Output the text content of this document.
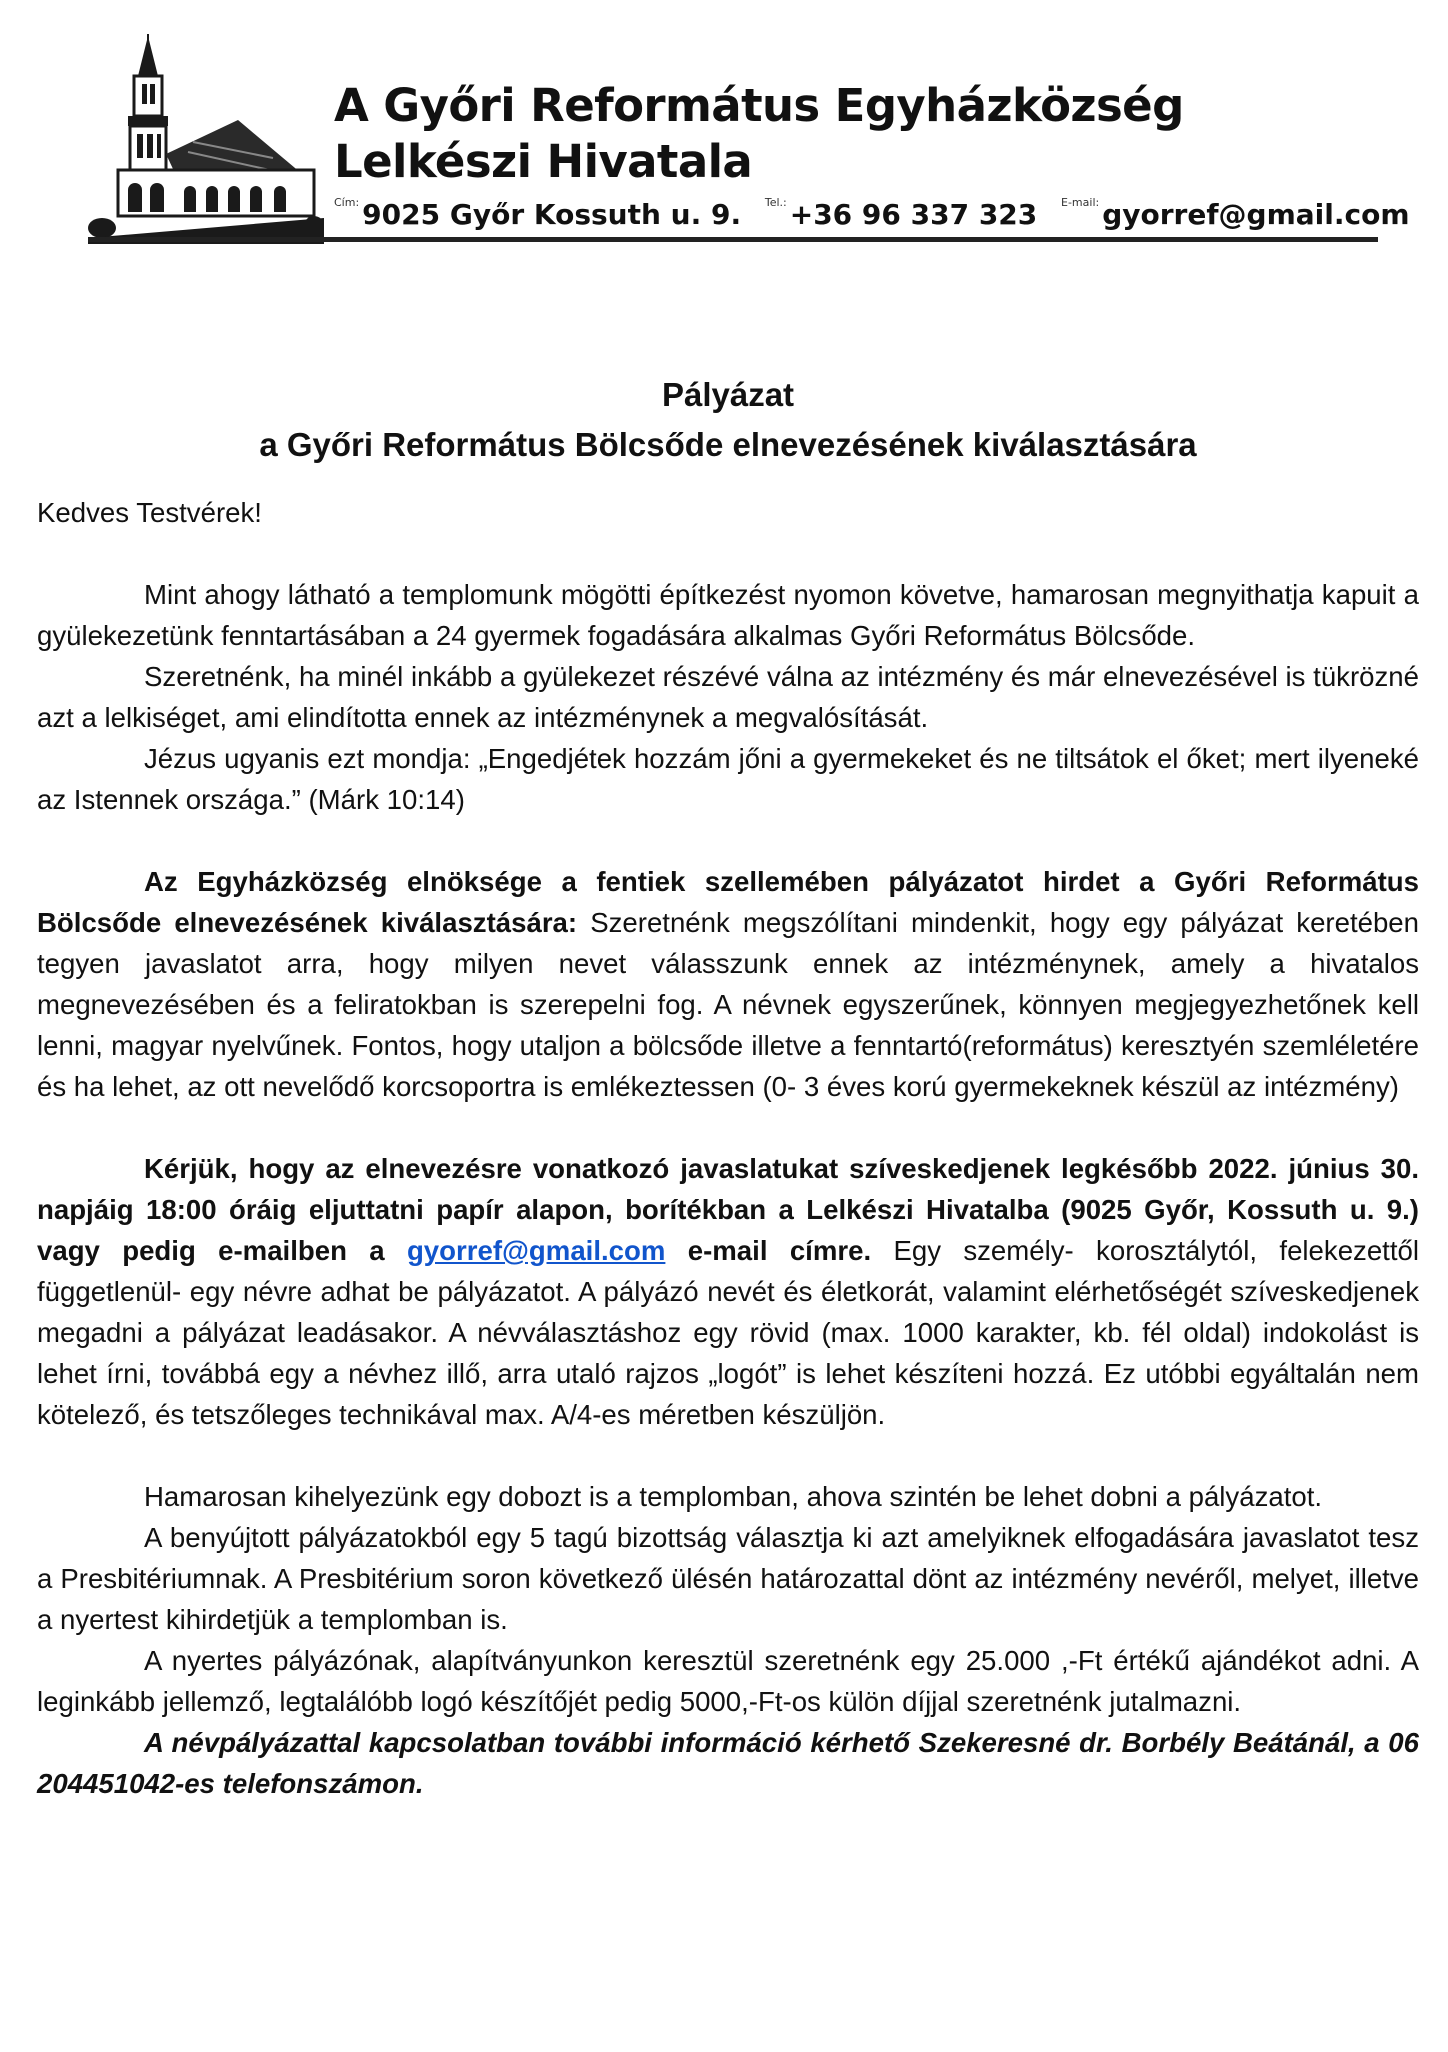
A Győri Református Egyházközség
Lelkészi Hivatala
$^{Cím:}$ 9025 Győr Kossuth u. 9. $^{Tel.:}$ +36 96 337 323 $^{E-mail:}$ gyorref@gmail.com
Pályázat
a Győri Református Bölcsőde elnevezésének kiválasztására
Kedves Testvérek!

Mint ahogy látható a templomunk mögötti építkezést nyomon követve, hamarosan megnyithatja kapuit a gyülekezetünk fenntartásában a 24 gyermek fogadására alkalmas Győri Református Bölcsőde.

Szeretnénk, ha minél inkább a gyülekezet részévé válna az intézmény és már elnevezésével is tükrözné azt a lelkiséget, ami elindította ennek az intézménynek a megvalósítását.

Jézus ugyanis ezt mondja: „Engedjétek hozzám jőni a gyermekeket és ne tiltsátok el őket; mert ilyeneké az Istennek országa.” (Márk 10:14)

Az Egyházközség elnöksége a fentiek szellemében pályázatot hirdet a Győri Református Bölcsőde elnevezésének kiválasztására: Szeretnénk megszólítani mindenkit, hogy egy pályázat keretében tegyen javaslatot arra, hogy milyen nevet válasszunk ennek az intézménynek, amely a hivatalos megnevezésében és a feliratokban is szerepelni fog. A névnek egyszerűnek, könnyen megjegyezhetőnek kell lenni, magyar nyelvűnek. Fontos, hogy utaljon a bölcsőde illetve a fenntartó(református) keresztyén szemléletére és ha lehet, az ott nevelődő korcsoportra is emlékeztessen (0- 3 éves korú gyermekeknek készül az intézmény)

Kérjük, hogy az elnevezésre vonatkozó javaslatukat szíveskedjenek legkésőbb 2022. június 30. napjáig 18:00 óráig eljuttatni papír alapon, borítékban a Lelkészi Hivatalba (9025 Győr, Kossuth u. 9.) vagy pedig e-mailben a gyorref@gmail.com e-mail címre. Egy személy- korosztálytól, felekezettől függetlenül- egy névre adhat be pályázatot. A pályázó nevét és életkorát, valamint elérhetőségét szíveskedjenek megadni a pályázat leadásakor. A névválasztáshoz egy rövid (max. 1000 karakter, kb. fél oldal) indokolást is lehet írni, továbbá egy a névhez illő, arra utaló rajzos „logót” is lehet készíteni hozzá. Ez utóbbi egyáltalán nem kötelező, és tetszőleges technikával max. A/4-es méretben készüljön.

Hamarosan kihelyezünk egy dobozt is a templomban, ahova szintén be lehet dobni a pályázatot.

A benyújtott pályázatokból egy 5 tagú bizottság választja ki azt amelyiknek elfogadására javaslatot tesz a Presbitériumnak. A Presbitérium soron következő ülésén határozattal dönt az intézmény nevéről, melyet, illetve a nyertest kihirdetjük a templomban is.

A nyertes pályázónak, alapítványunkon keresztül szeretnénk egy 25.000 ,-Ft értékű ajándékot adni. A leginkább jellemző, legtalálóbb logó készítőjét pedig 5000,-Ft-os külön díjjal szeretnénk jutalmazni.

A névpályázattal kapcsolatban további információ kérhető Szekeresné dr. Borbély Beátánál, a 06 204451042-es telefonszámon.
